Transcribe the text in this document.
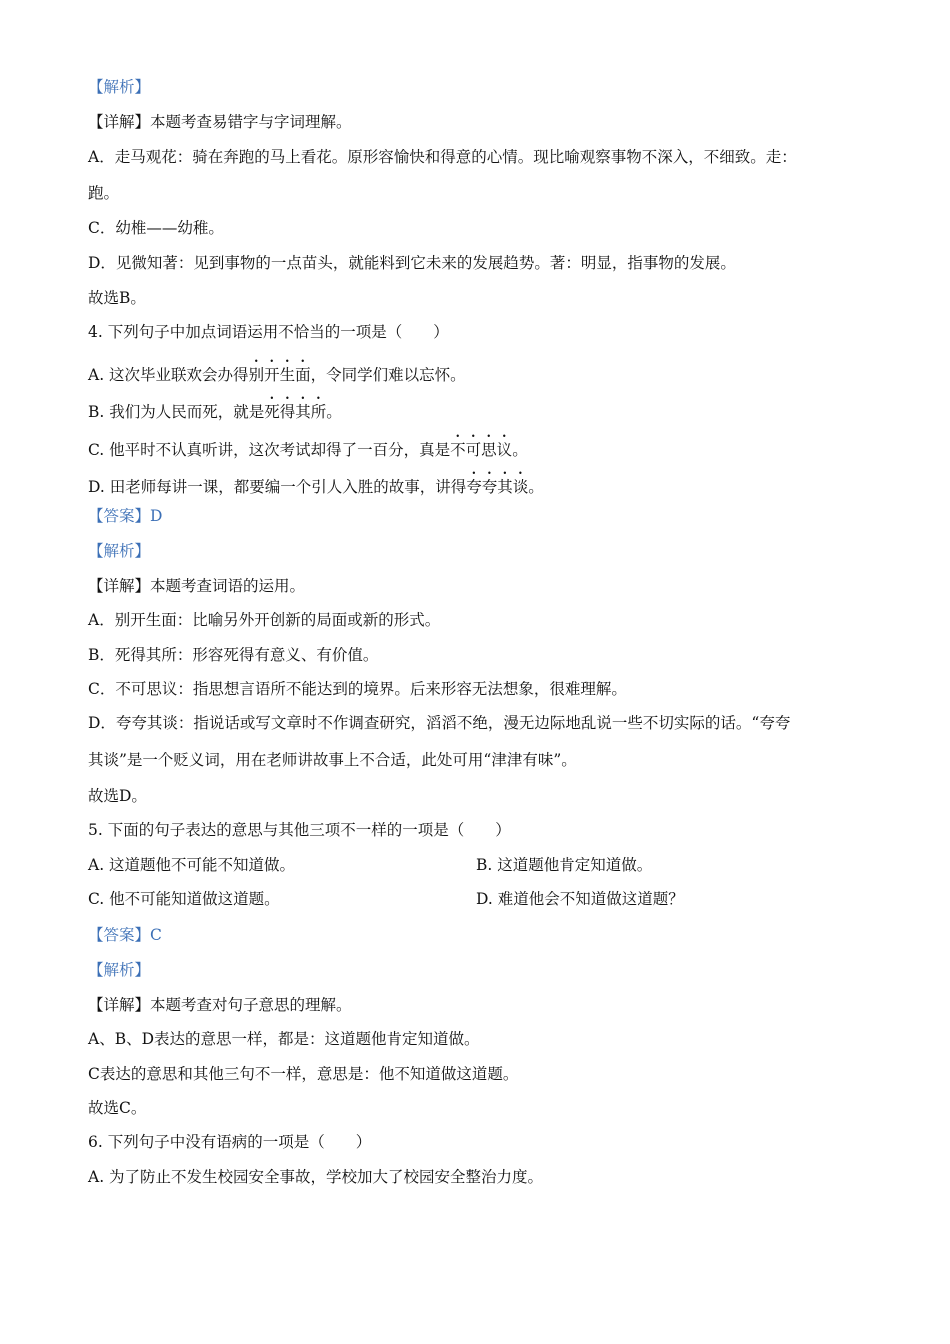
【解析】
【详解】本题考查易错字与字词理解。
A．走马观花：骑在奔跑的马上看花。原形容愉快和得意的心情。现比喻观察事物不深入，不细致。走：
跑。
C．幼椎——幼稚。
D．见微知著：见到事物的一点苗头，就能料到它未来的发展趋势。著：明显，指事物的发展。
故选B。
4. 下列句子中加点词语运用不恰当的一项是（　　）
A. 这次毕业联欢会办得别开生面，令同学们难以忘怀。
B. 我们为人民而死，就是死得其所。
C. 他平时不认真听讲，这次考试却得了一百分，真是不可思议。
D. 田老师每讲一课，都要编一个引人入胜的故事，讲得夸夸其谈。
【答案】D
【解析】
【详解】本题考查词语的运用。
A．别开生面：比喻另外开创新的局面或新的形式。
B．死得其所：形容死得有意义、有价值。
C．不可思议：指思想言语所不能达到的境界。后来形容无法想象，很难理解。
D．夸夸其谈：指说话或写文章时不作调查研究，滔滔不绝，漫无边际地乱说一些不切实际的话。“夸夸
其谈”是一个贬义词，用在老师讲故事上不合适，此处可用“津津有味”。
故选D。
5. 下面的句子表达的意思与其他三项不一样的一项是（　　）
A. 这道题他不可能不知道做。	B. 这道题他肯定知道做。
C. 他不可能知道做这道题。	D. 难道他会不知道做这道题？
【答案】C
【解析】
【详解】本题考查对句子意思的理解。
A、B、D表达的意思一样，都是：这道题他肯定知道做。
C表达的意思和其他三句不一样，意思是：他不知道做这道题。
故选C。
6. 下列句子中没有语病的一项是（　　）
A. 为了防止不发生校园安全事故，学校加大了校园安全整治力度。
